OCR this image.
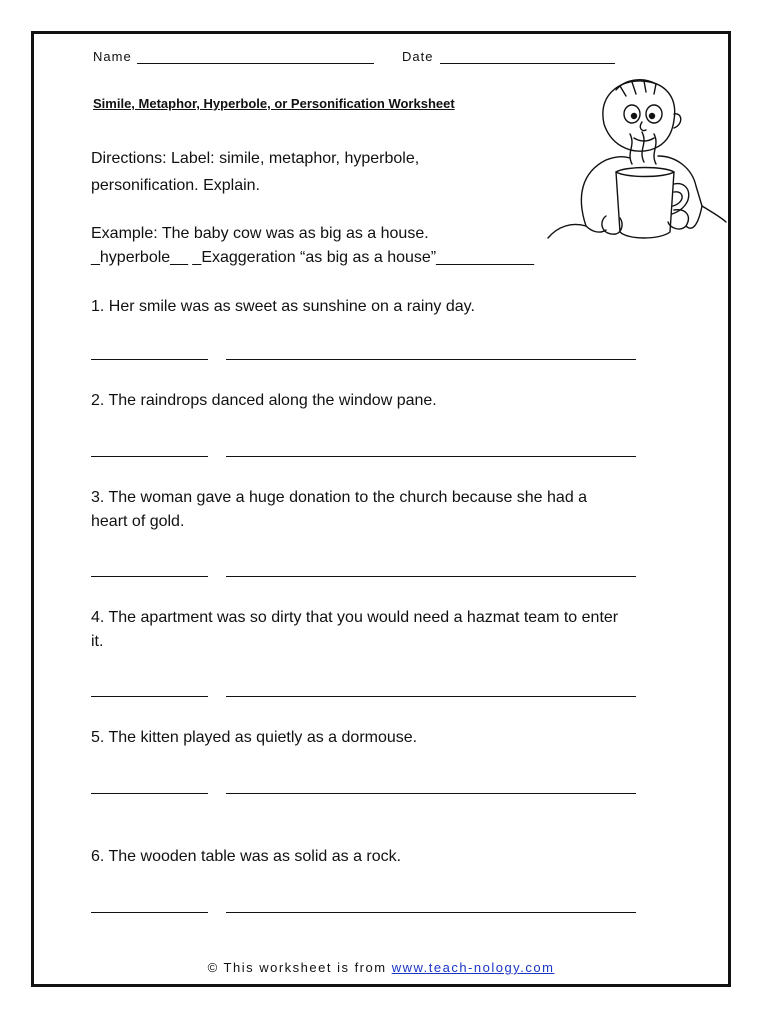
Name	Date
Simile, Metaphor, Hyperbole, or Personification Worksheet
Directions: Label: simile, metaphor, hyperbole,
personification. Explain.
Example: The baby cow was as big as a house.
_hyperbole__ _Exaggeration “as big as a house”___________
1. Her smile was as sweet as sunshine on a rainy day.
2. The raindrops danced along the window pane.
3. The woman gave a huge donation to the church because she had a
heart of gold.
4. The apartment was so dirty that you would need a hazmat team to enter
it.
5. The kitten played as quietly as a dormouse.
6. The wooden table was as solid as a rock.
© This worksheet is from www.teach-nology.com
